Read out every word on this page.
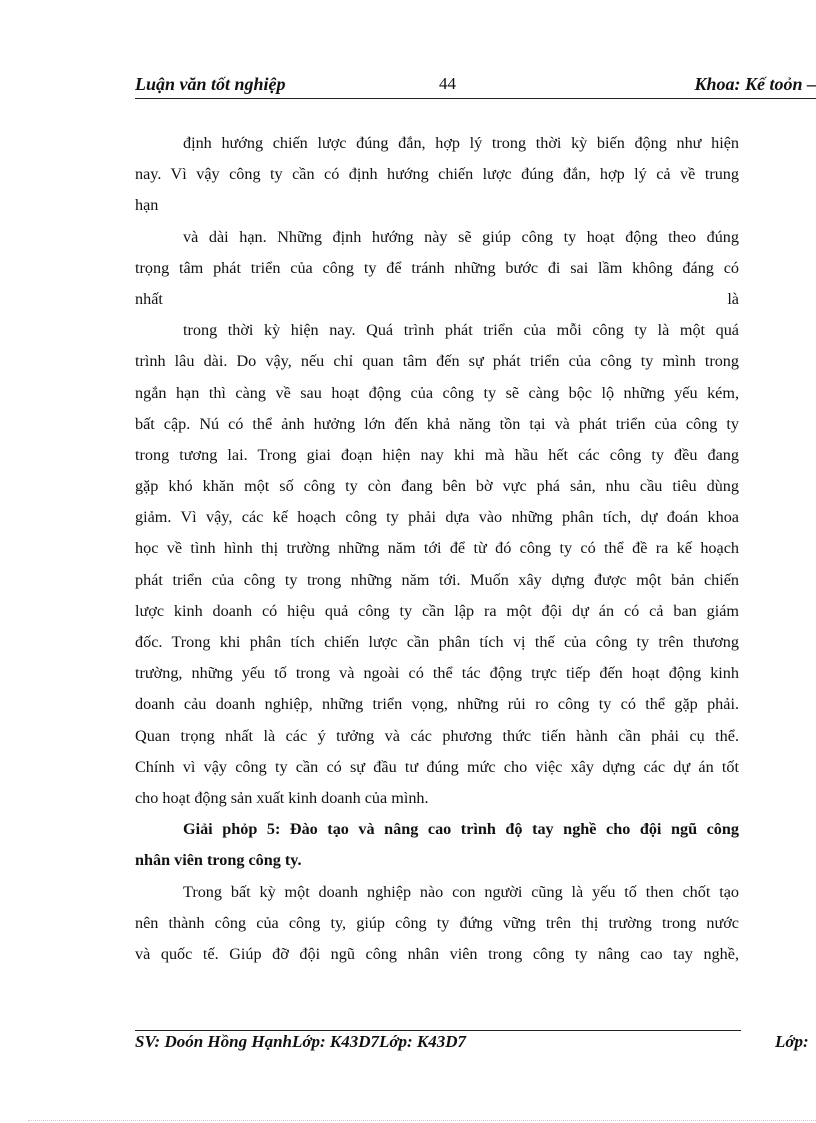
Luận văn tốt nghiệp	44	Khoa: Kế toỏn –
định hướng chiến lược đúng đắn, hợp lý trong thời kỳ biến động như hiện
nay. Vì vậy công ty cần có định hướng chiến lược đúng đắn, hợp lý cả về trung
hạn
và dài hạn. Những định hướng này sẽ giúp công ty hoạt động theo đúng
trọng tâm phát triển của công ty để tránh những bước đi sai lầm không đáng có
nhất	là
trong thời kỳ hiện nay. Quá trình phát triển của mỗi công ty là một quá
trình lâu dài. Do vậy, nếu chỉ quan tâm đến sự phát triển của công ty mình trong
ngắn hạn thì càng về sau hoạt động của công ty sẽ càng bộc lộ những yếu kém,
bất cập. Nú có thể ảnh hưởng lớn đến khả năng tồn tại và phát triển của công ty
trong tương lai. Trong giai đoạn hiện nay khi mà hầu hết các công ty đều đang
gặp khó khăn một số công ty còn đang bên bờ vực phá sản, nhu cầu tiêu dùng
giảm. Vì vậy, các kế hoạch công ty phải dựa vào những phân tích, dự đoán khoa
học về tình hình thị trường những năm tới để từ đó công ty có thể đề ra kế hoạch
phát triển của công ty trong những năm tới. Muốn xây dựng được một bản chiến
lược kinh doanh có hiệu quả công ty cần lập ra một đội dự án có cả ban giám
đốc. Trong khi phân tích chiến lược cần phân tích vị thế của công ty trên thương
trường, những yếu tố trong và ngoài có thể tác động trực tiếp đến hoạt động kinh
doanh cảu doanh nghiệp, những triển vọng, những rủi ro công ty có thể gặp phải.
Quan trọng nhất là các ý tưởng và các phương thức tiến hành cần phải cụ thể.
Chính vì vậy công ty cần có sự đầu tư đúng mức cho việc xây dựng các dự án tốt
cho hoạt động sản xuất kinh doanh của mình.
Giải phỏp 5: Đào tạo và nâng cao trình độ tay nghề cho đội ngũ công
nhân viên trong công ty.
Trong bất kỳ một doanh nghiệp nào con người cũng là yếu tố then chốt tạo
nên thành công của công ty, giúp công ty đứng vững trên thị trường trong nước
và quốc tế. Giúp đỡ đội ngũ công nhân viên trong công ty nâng cao tay nghề,
SV: Doón Hồng HạnhLớp: K43D7Lớp: K43D7	Lớp:
